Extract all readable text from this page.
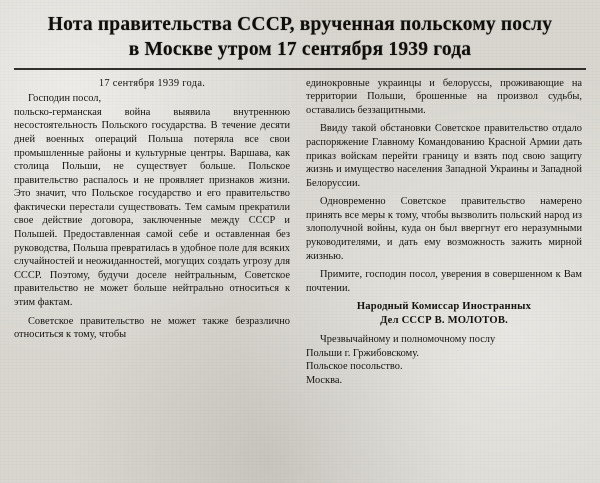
Нота правительства СССР, врученная польскому послу
в Москве утром 17 сентября 1939 года
17 сентября 1939 года.

Господин посол,

польско-германская война выявила внутреннюю несостоятельность Польского государства. В течение десяти дней военных операций Польша потеряла все свои промышленные районы и культурные центры. Варшава, как столица Польши, не существует больше. Польское правительство распалось и не проявляет признаков жизни. Это значит, что Польское государство и его правительство фактически перестали существовать. Тем самым прекратили свое действие договора, заключенные между СССР и Польшей. Предоставленная самой себе и оставленная без руководства, Польша превратилась в удобное поле для всяких случайностей и неожиданностей, могущих создать угрозу для СССР. Поэтому, будучи доселе нейтральным, Советское правительство не может больше нейтрально относиться к этим фактам.

Советское правительство не может также безразлично относиться к тому, чтобы

единокровные украинцы и белоруссы, проживающие на территории Польши, брошенные на произвол судьбы, оставались беззащитными.

Ввиду такой обстановки Советское правительство отдало распоряжение Главному Командованию Красной Армии дать приказ войскам перейти границу и взять под свою защиту жизнь и имущество населения Западной Украины и Западной Белоруссии.

Одновременно Советское правительство намерено принять все меры к тому, чтобы вызволить польский народ из злополучной войны, куда он был ввергнут его неразумными руководителями, и дать ему возможность зажить мирной жизнью.

Примите, господин посол, уверения в совершенном к Вам почтении.

Народный Комиссар Иностранных
Дел СССР В. МОЛОТОВ.

Чрезвычайному и полномочному послу

Польши г. Гржибовскому.

Польское посольство.

Москва.
